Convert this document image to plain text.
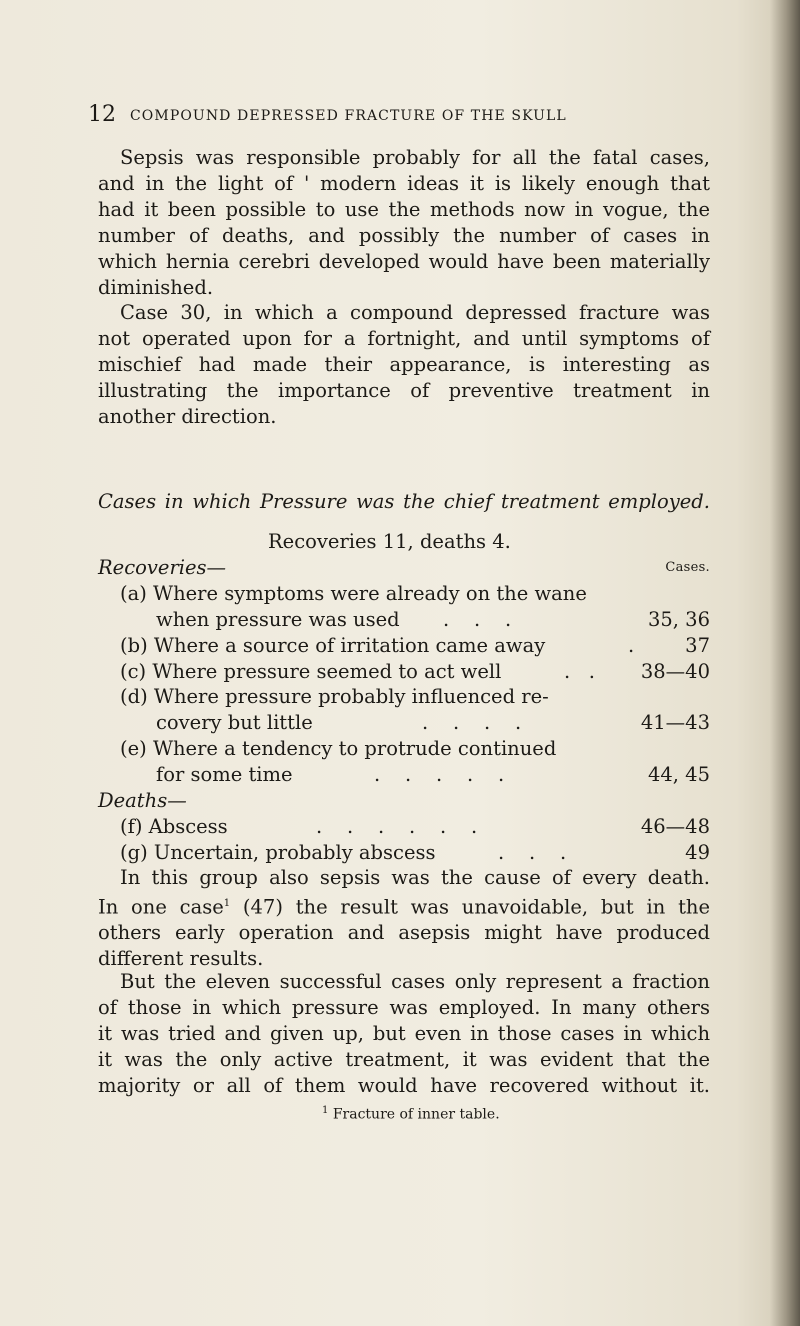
12 COMPOUND DEPRESSED FRACTURE OF THE SKULL
Sepsis was responsible probably for all the fatal cases,
and in the light of ' modern ideas it is likely enough that
had it been possible to use the methods now in vogue, the
number of deaths, and possibly the number of cases in
which hernia cerebri developed would have been materially
diminished.
Case 30, in which a compound depressed fracture was
not operated upon for a fortnight, and until symptoms of
mischief had made their appearance, is interesting as
illustrating the importance of preventive treatment in
another direction.
Cases in which Pressure was the chief treatment employed.
Recoveries 11, deaths 4.
Recoveries—	Cases.
(a) Where symptoms were already on the wane
when pressure was used .    .    .	35, 36
(b) Where a source of irritation came away	.	37
(c) Where pressure seemed to act well	.   . 38—40
(d) Where pressure probably influenced re-
covery but little	.    .    .    .	41—43
(e) Where a tendency to protrude continued
for some time	.    .    .    .    .	44, 45
Deaths—
(f) Abscess	.    .    .    .    .    .	46—48
(g) Uncertain, probably abscess	.    .    .	49
In this group also sepsis was the cause of every death.
In one case$^1$ (47) the result was unavoidable, but in the
others early operation and asepsis might have produced
different results.
But the eleven successful cases only represent a fraction
of those in which pressure was employed. In many others
it was tried and given up, but even in those cases in which
it was the only active treatment, it was evident that the
majority or all of them would have recovered without it.
$^1$ Fracture of inner table.
